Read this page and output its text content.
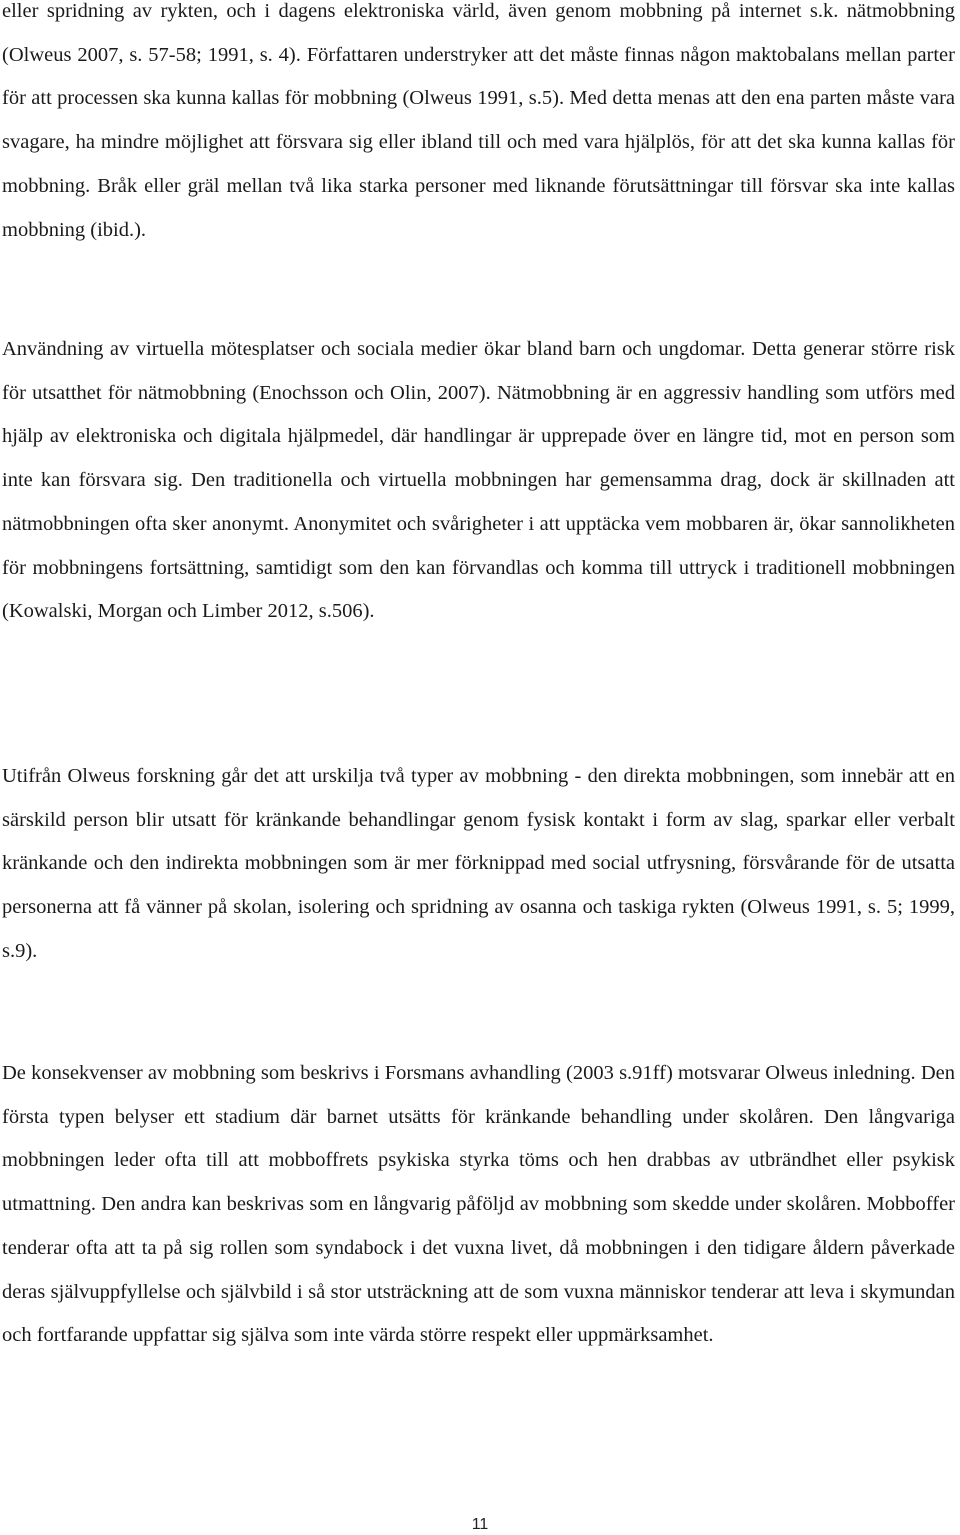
eller spridning av rykten, och i dagens elektroniska värld, även genom mobbning på internet s.k. nätmobbning (Olweus 2007, s. 57-58; 1991, s. 4). Författaren understryker att det måste finnas någon maktobalans mellan parter för att processen ska kunna kallas för mobbning (Olweus 1991, s.5). Med detta menas att den ena parten måste vara svagare, ha mindre möjlighet att försvara sig eller ibland till och med vara hjälplös, för att det ska kunna kallas för mobbning. Bråk eller gräl mellan två lika starka personer med liknande förutsättningar till försvar ska inte kallas mobbning (ibid.).

Användning av virtuella mötesplatser och sociala medier ökar bland barn och ungdomar. Detta generar större risk för utsatthet för nätmobbning (Enochsson och Olin, 2007). Nätmobbning är en aggressiv handling som utförs med hjälp av elektroniska och digitala hjälpmedel, där handlingar är upprepade över en längre tid, mot en person som inte kan försvara sig. Den traditionella och virtuella mobbningen har gemensamma drag, dock är skillnaden att nätmobbningen ofta sker anonymt. Anonymitet och svårigheter i att upptäcka vem mobbaren är, ökar sannolikheten för mobbningens fortsättning, samtidigt som den kan förvandlas och komma till uttryck i traditionell mobbningen (Kowalski, Morgan och Limber 2012, s.506).

Utifrån Olweus forskning går det att urskilja två typer av mobbning - den direkta mobbningen, som innebär att en särskild person blir utsatt för kränkande behandlingar genom fysisk kontakt i form av slag, sparkar eller verbalt kränkande och den indirekta mobbningen som är mer förknippad med social utfrysning, försvårande för de utsatta personerna att få vänner på skolan, isolering och spridning av osanna och taskiga rykten (Olweus 1991, s. 5; 1999, s.9).

De konsekvenser av mobbning som beskrivs i Forsmans avhandling (2003 s.91ff) motsvarar Olweus inledning. Den första typen belyser ett stadium där barnet utsätts för kränkande behandling under skolåren. Den långvariga mobbningen leder ofta till att mobboffrets psykiska styrka töms och hen drabbas av utbrändhet eller psykisk utmattning. Den andra kan beskrivas som en långvarig påföljd av mobbning som skedde under skolåren. Mobboffer tenderar ofta att ta på sig rollen som syndabock i det vuxna livet, då mobbningen i den tidigare åldern påverkade deras självuppfyllelse och självbild i så stor utsträckning att de som vuxna människor tenderar att leva i skymundan och fortfarande uppfattar sig själva som inte värda större respekt eller uppmärksamhet.

11
